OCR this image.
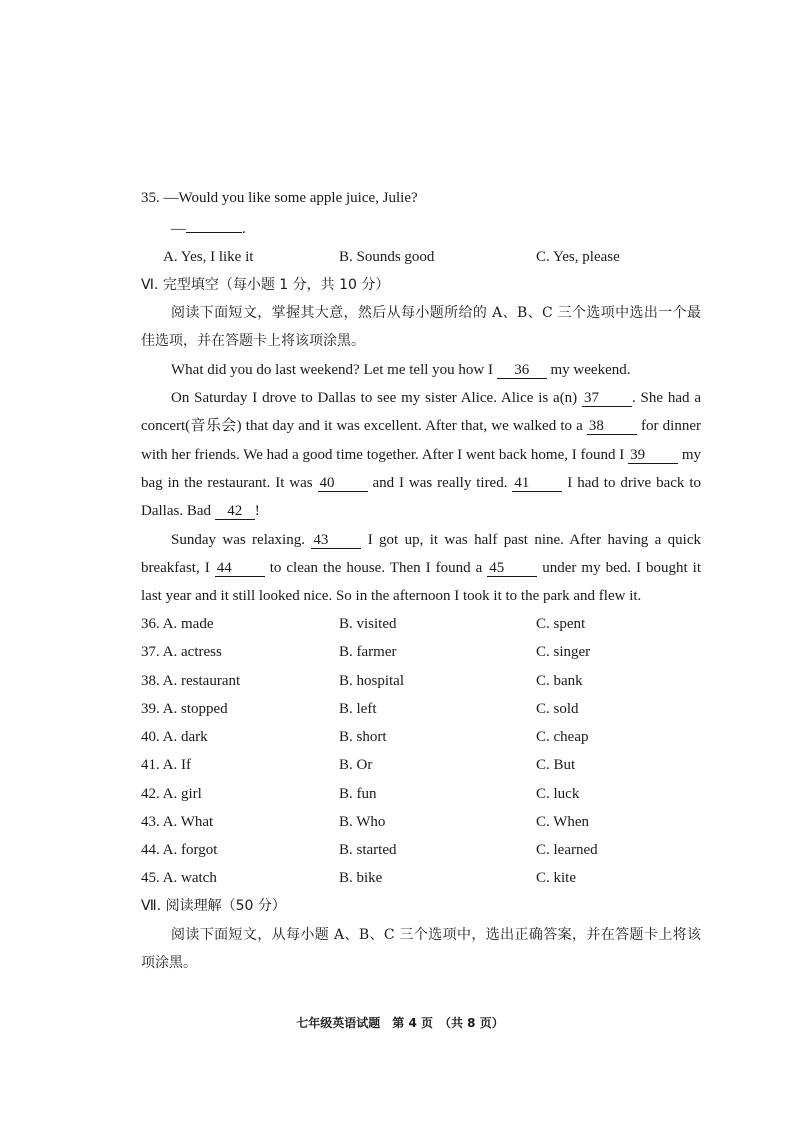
35. —Would you like some apple juice, Julie?
—	.
A. Yes, I like it	B. Sounds good	C. Yes, please
Ⅵ. 完型填空（每小题 1 分，共 10 分）
阅读下面短文，掌握其大意，然后从每小题所给的 A、B、C 三个选项中选出一个最
佳选项，并在答题卡上将该项涂黑。
What did you do last weekend? Let me tell you how I 36 my weekend.
On Saturday I drove to Dallas to see my sister Alice. Alice is a(n) 37 . She had a
concert(音乐会) that day and it was excellent. After that, we walked to a 38 for dinner
with her friends. We had a good time together. After I went back home, I found I 39 my
bag in the restaurant. It was 40 and I was really tired. 41 I had to drive back to
Dallas. Bad 42 !
Sunday was relaxing. 43 I got up, it was half past nine. After having a quick
breakfast, I 44 to clean the house. Then I found a 45 under my bed. I bought it
last year and it still looked nice. So in the afternoon I took it to the park and flew it.
36. A. made	B. visited	C. spent
37. A. actress	B. farmer	C. singer
38. A. restaurant	B. hospital	C. bank
39. A. stopped	B. left	C. sold
40. A. dark	B. short	C. cheap
41. A. If	B. Or	C. But
42. A. girl	B. fun	C. luck
43. A. What	B. Who	C. When
44. A. forgot	B. started	C. learned
45. A. watch	B. bike	C. kite
Ⅶ. 阅读理解（50 分）
阅读下面短文，从每小题 A、B、C 三个选项中，选出正确答案，并在答题卡上将该
项涂黑。
七年级英语试题　第 4 页　（共 8 页）
